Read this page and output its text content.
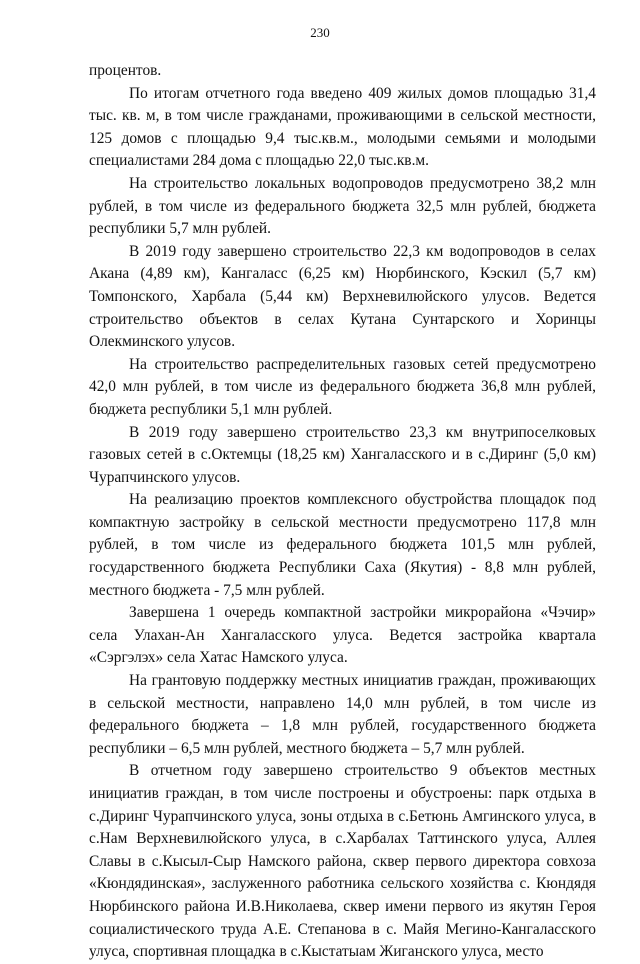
230

процентов.

По итогам отчетного года введено 409 жилых домов площадью 31,4 тыс. кв. м, в том числе гражданами, проживающими в сельской местности, 125 домов с площадью 9,4 тыс.кв.м., молодыми семьями и молодыми специалистами 284 дома с площадью 22,0 тыс.кв.м.

На строительство локальных водопроводов предусмотрено 38,2 млн рублей, в том числе из федерального бюджета 32,5 млн рублей, бюджета республики 5,7 млн рублей.

В 2019 году завершено строительство 22,3 км водопроводов в селах Акана (4,89 км), Кангаласс (6,25 км) Нюрбинского, Кэскил (5,7 км) Томпонского, Харбала (5,44 км) Верхневилюйского улусов. Ведется строительство объектов в селах Кутана Сунтарского и Хоринцы Олекминского улусов.

На строительство распределительных газовых сетей предусмотрено 42,0 млн рублей, в том числе из федерального бюджета 36,8 млн рублей, бюджета республики 5,1 млн рублей.

В 2019 году завершено строительство 23,3 км внутрипоселковых газовых сетей в с.Октемцы (18,25 км) Хангаласского и в с.Диринг (5,0 км) Чурапчинского улусов.

На реализацию проектов комплексного обустройства площадок под компактную застройку в сельской местности предусмотрено 117,8 млн рублей, в том числе из федерального бюджета 101,5 млн рублей, государственного бюджета Республики Саха (Якутия) - 8,8 млн рублей, местного бюджета - 7,5 млн рублей.

Завершена 1 очередь компактной застройки микрорайона «Чэчир» села Улахан-Ан Хангаласского улуса. Ведется застройка квартала «Сэргэлэх» села Хатас Намского улуса.

На грантовую поддержку местных инициатив граждан, проживающих в сельской местности, направлено 14,0 млн рублей, в том числе из федерального бюджета – 1,8 млн рублей, государственного бюджета республики – 6,5 млн рублей, местного бюджета – 5,7 млн рублей.

В отчетном году завершено строительство 9 объектов местных инициатив граждан, в том числе построены и обустроены: парк отдыха в с.Диринг Чурапчинского улуса, зоны отдыха в с.Бетюнь Амгинского улуса, в с.Нам Верхневилюйского улуса, в с.Харбалах Таттинского улуса, Аллея Славы в с.Кысыл-Сыр Намского района, сквер первого директора совхоза «Кюндядинская», заслуженного работника сельского хозяйства с. Кюндядя Нюрбинского района И.В.Николаева, сквер имени первого из якутян Героя социалистического труда А.Е. Степанова в с. Майя Мегино-Кангаласского улуса, спортивная площадка в с.Кыстатыам Жиганского улуса, место
